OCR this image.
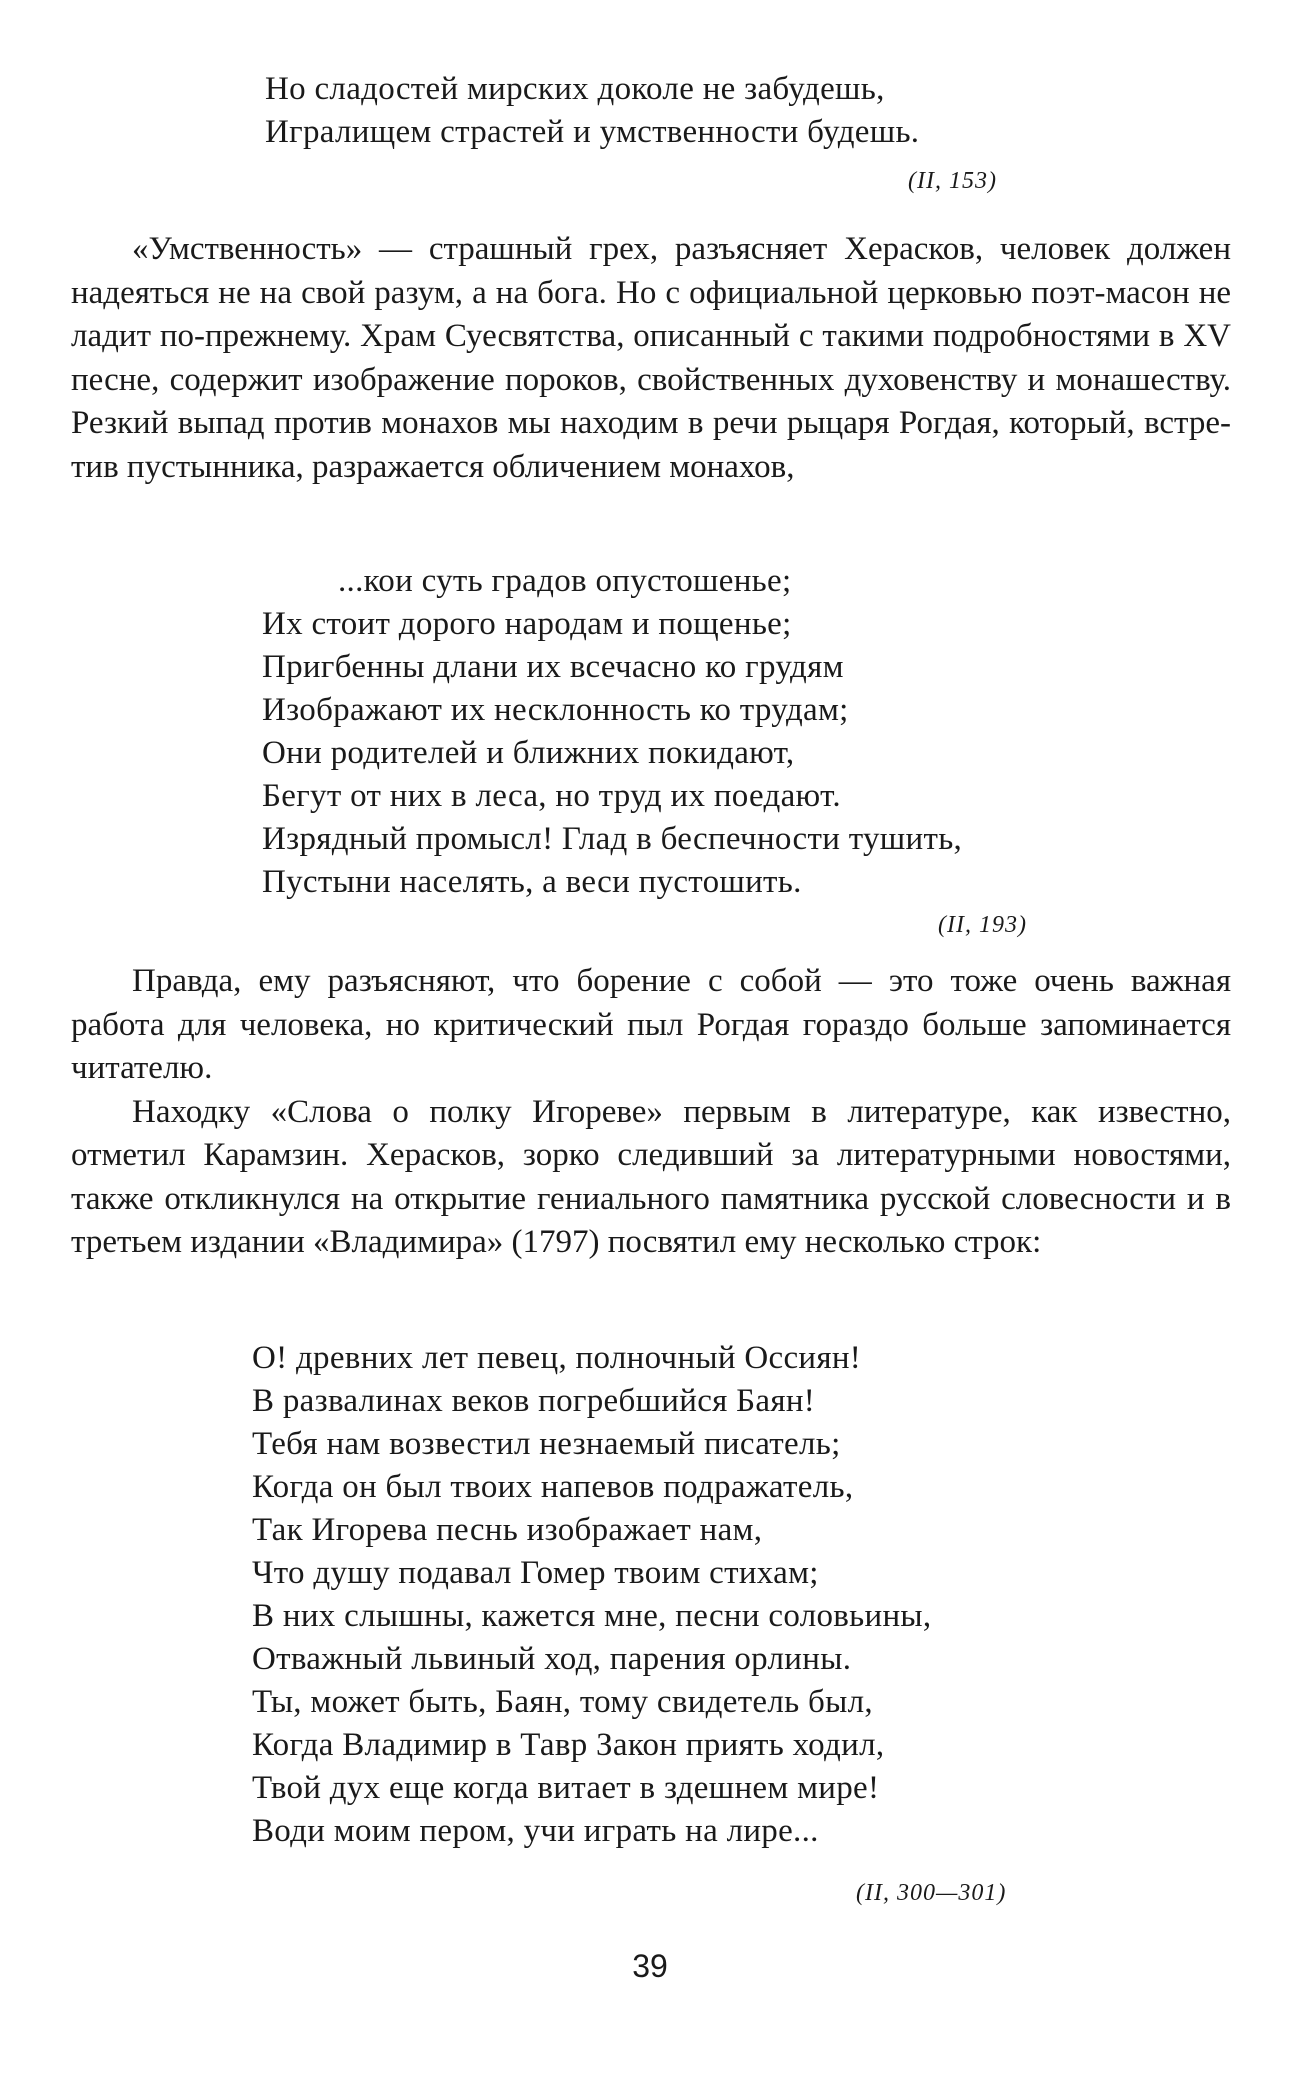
Но сладостей мирских доколе не забудешь,
Игралищем страстей и умственности будешь.
(II, 153)

«Умственность» — страшный грех, разъясняет Херасков, человек должен надеяться не на свой разум, а на бога. Но с официальной церковью поэт-масон не ладит по-прежнему. Храм Суесвятства, описанный с такими подробностями в XV песне, содержит изображение пороков, свойственных духовенству и монашеству. Резкий выпад против монахов мы находим в речи рыцаря Рогдая, который, встретив пустынника, разражается обличением монахов,

...кои суть градов опустошенье;
Их стоит дорого народам и пощенье;
Пригбенны длани их всечасно ко грудям
Изображают их несклонность ко трудам;
Они родителей и ближних покидают,
Бегут от них в леса, но труд их поедают.
Изрядный промысл! Глад в беспечности тушить,
Пустыни населять, а веси пустошить.
(II, 193)

Правда, ему разъясняют, что борение с собой — это тоже очень важная работа для человека, но критический пыл Рогдая гораздо больше запоминается читателю.

Находку «Слова о полку Игореве» первым в литературе, как известно, отметил Карамзин. Херасков, зорко следивший за литературными новостями, также откликнулся на открытие гениального памятника русской словесности и в третьем издании «Владимира» (1797) посвятил ему несколько строк:

О! древних лет певец, полночный Оссиян!
В развалинах веков погребшийся Баян!
Тебя нам возвестил незнаемый писатель;
Когда он был твоих напевов подражатель,
Так Игорева песнь изображает нам,
Что душу подавал Гомер твоим стихам;
В них слышны, кажется мне, песни соловьины,
Отважный львиный ход, парения орлины.
Ты, может быть, Баян, тому свидетель был,
Когда Владимир в Тавр Закон приять ходил,
Твой дух еще когда витает в здешнем мире!
Води моим пером, учи играть на лире...
(II, 300—301)
39
